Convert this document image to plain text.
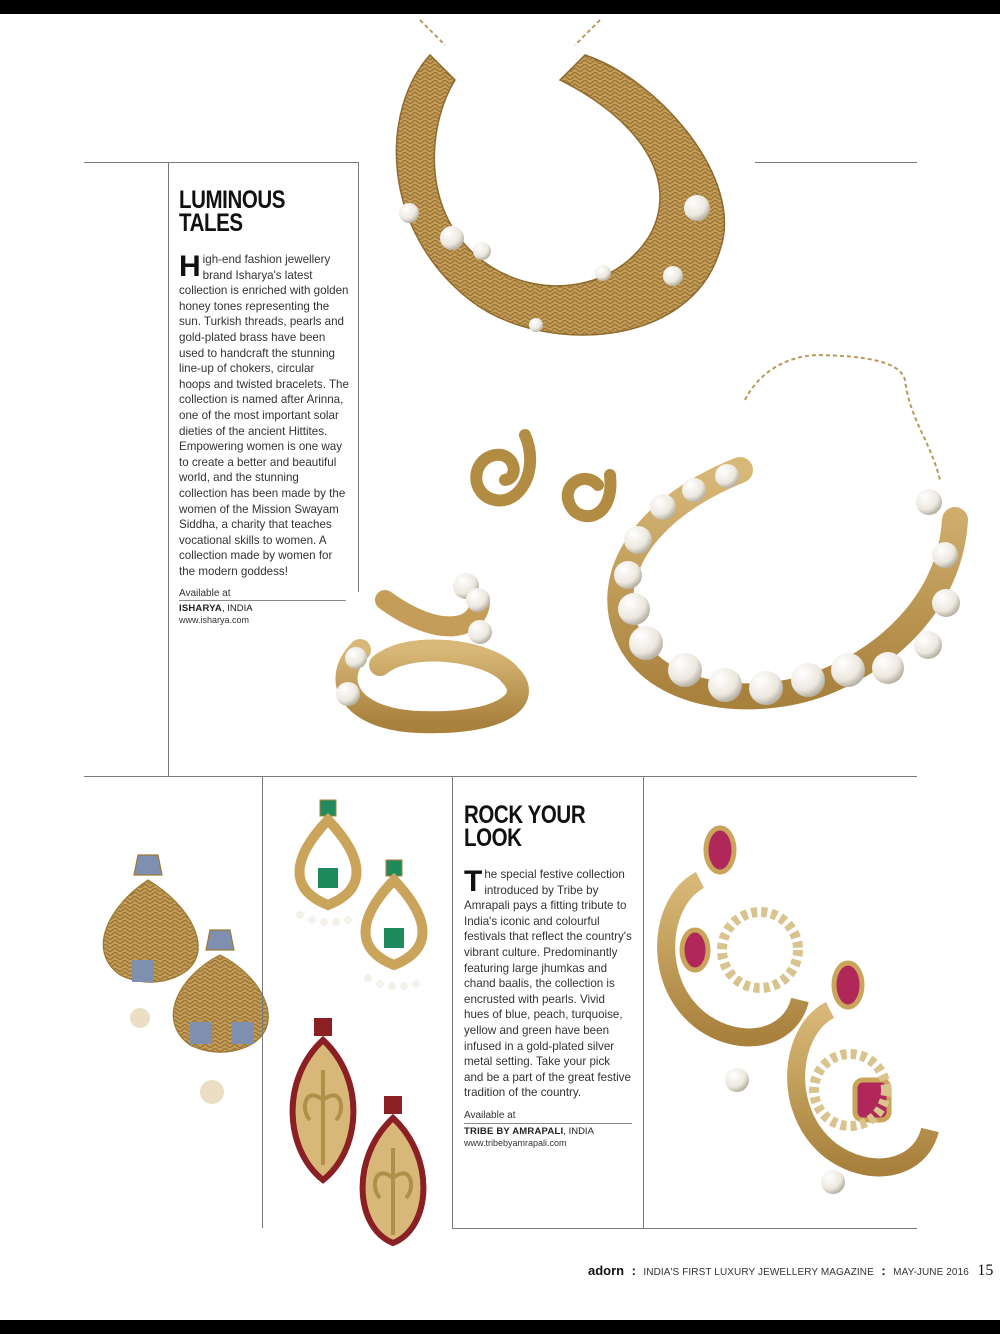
LUMINOUS
TALES

High-end fashion jewellery brand Isharya's latest collection is enriched with golden honey tones representing the sun. Turkish threads, pearls and gold-plated brass have been used to handcraft the stunning line-up of chokers, circular hoops and twisted bracelets. The collection is named after Arinna, one of the most important solar dieties of the ancient Hittites. Empowering women is one way to create a better and beautiful world, and the stunning collection has been made by the women of the Mission Swayam Siddha, a charity that teaches vocational skills to women. A collection made by women for the modern goddess!

Available at
ISHARYA, INDIA
www.isharya.com
ROCK YOUR
LOOK

The special festive collection introduced by Tribe by Amrapali pays a fitting tribute to India's iconic and colourful festivals that reflect the country's vibrant culture. Predominantly featuring large jhumkas and chand baalis, the collection is encrusted with pearls. Vivid hues of blue, peach, turquoise, yellow and green have been infused in a gold-plated silver metal setting. Take your pick and be a part of the great festive tradition of the country.

Available at
TRIBE BY AMRAPALI, INDIA
www.tribebyamrapali.com
adorn : INDIA'S FIRST LUXURY JEWELLERY MAGAZINE : MAY-JUNE 2016 15
